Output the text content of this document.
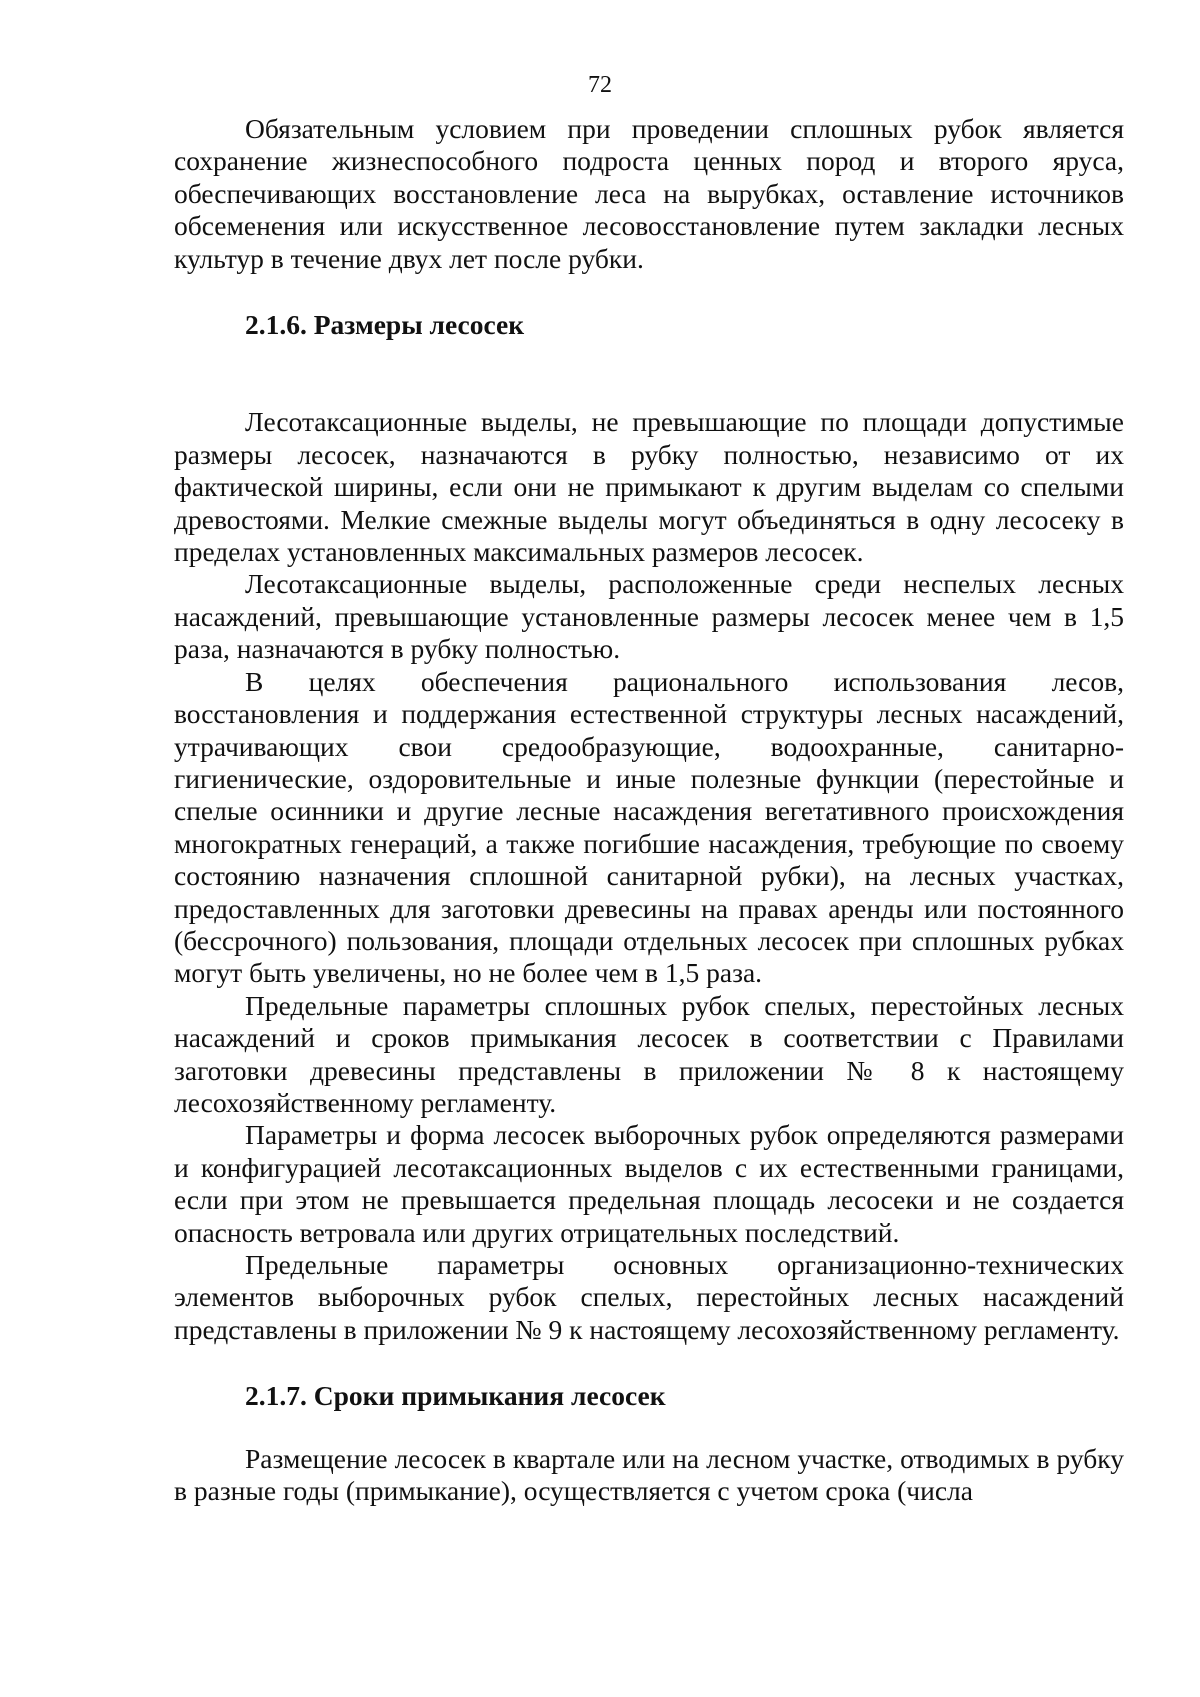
72

Обязательным условием при проведении сплошных рубок является сохранение жизнеспособного подроста ценных пород и второго яруса, обеспечивающих восстановление леса на вырубках, оставление источников обсеменения или искусственное лесовосстановление путем закладки лесных культур в течение двух лет после рубки.

2.1.6. Размеры лесосек

Лесотаксационные выделы, не превышающие по площади допустимые размеры лесосек, назначаются в рубку полностью, независимо от их фактической ширины, если они не примыкают к другим выделам со спелыми древостоями. Мелкие смежные выделы могут объединяться в одну лесосеку в пределах установленных максимальных размеров лесосек.

Лесотаксационные выделы, расположенные среди неспелых лесных насаждений, превышающие установленные размеры лесосек менее чем в 1,5 раза, назначаются в рубку полностью.

В целях обеспечения рационального использования лесов, восстановления и поддержания естественной структуры лесных насаждений, утрачивающих свои средообразующие, водоохранные, санитарно-гигиенические, оздоровительные и иные полезные функции (перестойные и спелые осинники и другие лесные насаждения вегетативного происхождения многократных генераций, а также погибшие насаждения, требующие по своему состоянию назначения сплошной санитарной рубки), на лесных участках, предоставленных для заготовки древесины на правах аренды или постоянного (бессрочного) пользования, площади отдельных лесосек при сплошных рубках могут быть увеличены, но не более чем в 1,5 раза.

Предельные параметры сплошных рубок спелых, перестойных лесных насаждений и сроков примыкания лесосек в соответствии с Правилами заготовки древесины представлены в приложении № 8 к настоящему лесохозяйственному регламенту.

Параметры и форма лесосек выборочных рубок определяются размерами и конфигурацией лесотаксационных выделов с их естественными границами, если при этом не превышается предельная площадь лесосеки и не создается опасность ветровала или других отрицательных последствий.

Предельные параметры основных организационно-технических элементов выборочных рубок спелых, перестойных лесных насаждений представлены в приложении № 9 к настоящему лесохозяйственному регламенту.

2.1.7. Сроки примыкания лесосек

Размещение лесосек в квартале или на лесном участке, отводимых в рубку в разные годы (примыкание), осуществляется с учетом срока (числа
